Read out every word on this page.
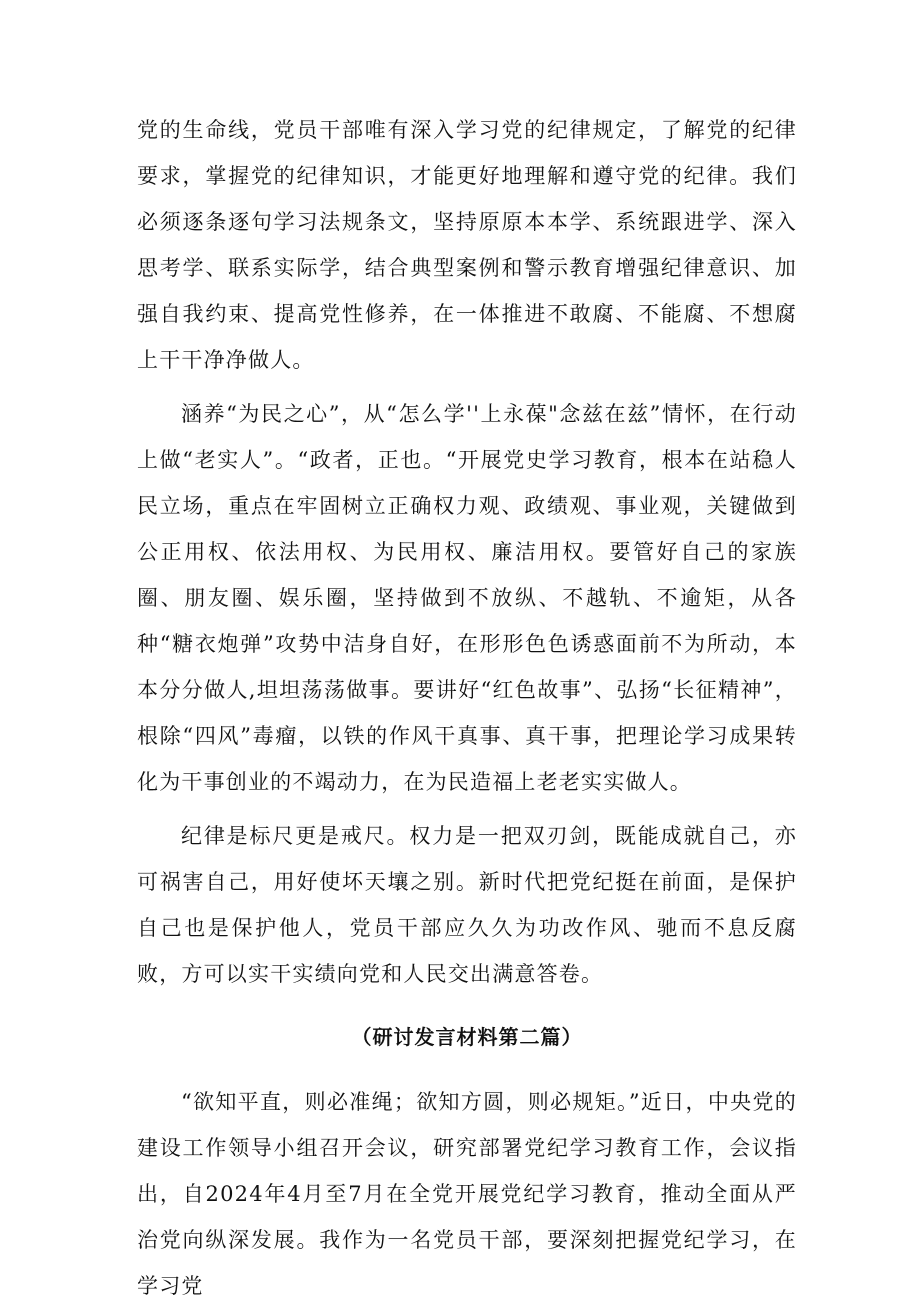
党的生命线，党员干部唯有深入学习党的纪律规定，了解党的纪律要求，掌握党的纪律知识，才能更好地理解和遵守党的纪律。我们必须逐条逐句学习法规条文，坚持原原本本学、系统跟进学、深入思考学、联系实际学，结合典型案例和警示教育增强纪律意识、加强自我约束、提高党性修养，在一体推进不敢腐、不能腐、不想腐上干干净净做人。

涵养“为民之心”，从“怎么学''上永葆"念兹在兹”情怀，在行动上做“老实人”。“政者，正也。“开展党史学习教育，根本在站稳人民立场，重点在牢固树立正确权力观、政绩观、事业观，关键做到公正用权、依法用权、为民用权、廉洁用权。要管好自己的家族圈、朋友圈、娱乐圈，坚持做到不放纵、不越轨、不逾矩，从各种“糖衣炮弹”攻势中洁身自好，在形形色色诱惑面前不为所动，本本分分做人,坦坦荡荡做事。要讲好“红色故事”、弘扬“长征精神”，根除“四风”毒瘤，以铁的作风干真事、真干事，把理论学习成果转化为干事创业的不竭动力，在为民造福上老老实实做人。

纪律是标尺更是戒尺。权力是一把双刃剑，既能成就自己，亦可祸害自己，用好使坏天壤之别。新时代把党纪挺在前面，是保护自己也是保护他人，党员干部应久久为功改作风、驰而不息反腐败，方可以实干实绩向党和人民交出满意答卷。

（研讨发言材料第二篇）

“欲知平直，则必准绳；欲知方圆，则必规矩。”近日，中央党的建设工作领导小组召开会议，研究部署党纪学习教育工作，会议指出，自2024年4月至7月在全党开展党纪学习教育，推动全面从严治党向纵深发展。我作为一名党员干部，要深刻把握党纪学习，在学习党
